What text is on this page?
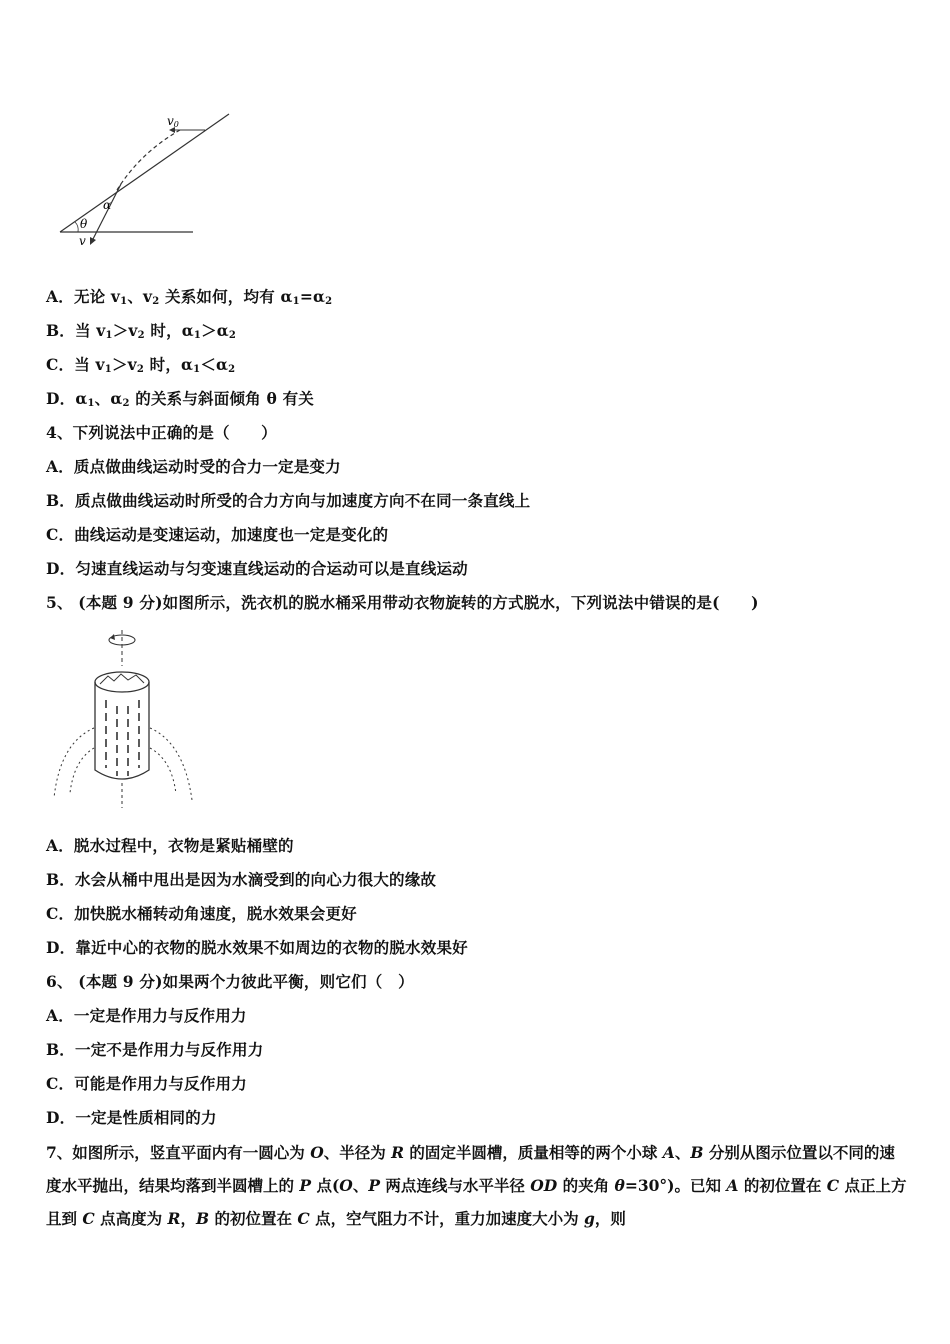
v0
θ
α
v
A．无论 $v_1$、$v_2$ 关系如何，均有 $\alpha_1=\alpha_2$
B．当 $v_1>v_2$ 时，$\alpha_1>\alpha_2$
C．当 $v_1>v_2$ 时，$\alpha_1<\alpha_2$
D．$\alpha_1$、$\alpha_2$ 的关系与斜面倾角 θ 有关
4、下列说法中正确的是（　　）
A．质点做曲线运动时受的合力一定是变力
B．质点做曲线运动时所受的合力方向与加速度方向不在同一条直线上
C．曲线运动是变速运动，加速度也一定是变化的
D．匀速直线运动与匀变速直线运动的合运动可以是直线运动
5、 (本题 9 分)如图所示，洗衣机的脱水桶采用带动衣物旋转的方式脱水，下列说法中错误的是(　　)
A．脱水过程中，衣物是紧贴桶壁的
B．水会从桶中甩出是因为水滴受到的向心力很大的缘故
C．加快脱水桶转动角速度，脱水效果会更好
D．靠近中心的衣物的脱水效果不如周边的衣物的脱水效果好
6、 (本题 9 分)如果两个力彼此平衡，则它们（　）
A．一定是作用力与反作用力
B．一定不是作用力与反作用力
C．可能是作用力与反作用力
D．一定是性质相同的力
7、如图所示，竖直平面内有一圆心为 O、半径为 R 的固定半圆槽，质量相等的两个小球 A、B 分别从图示位置以不同的速度水平抛出，结果均落到半圆槽上的 P 点(O、P 两点连线与水平半径 OD 的夹角 θ=30°)。已知 A 的初位置在 C 点正上方且到 C 点高度为 R，B 的初位置在 C 点，空气阻力不计，重力加速度大小为 g，则
